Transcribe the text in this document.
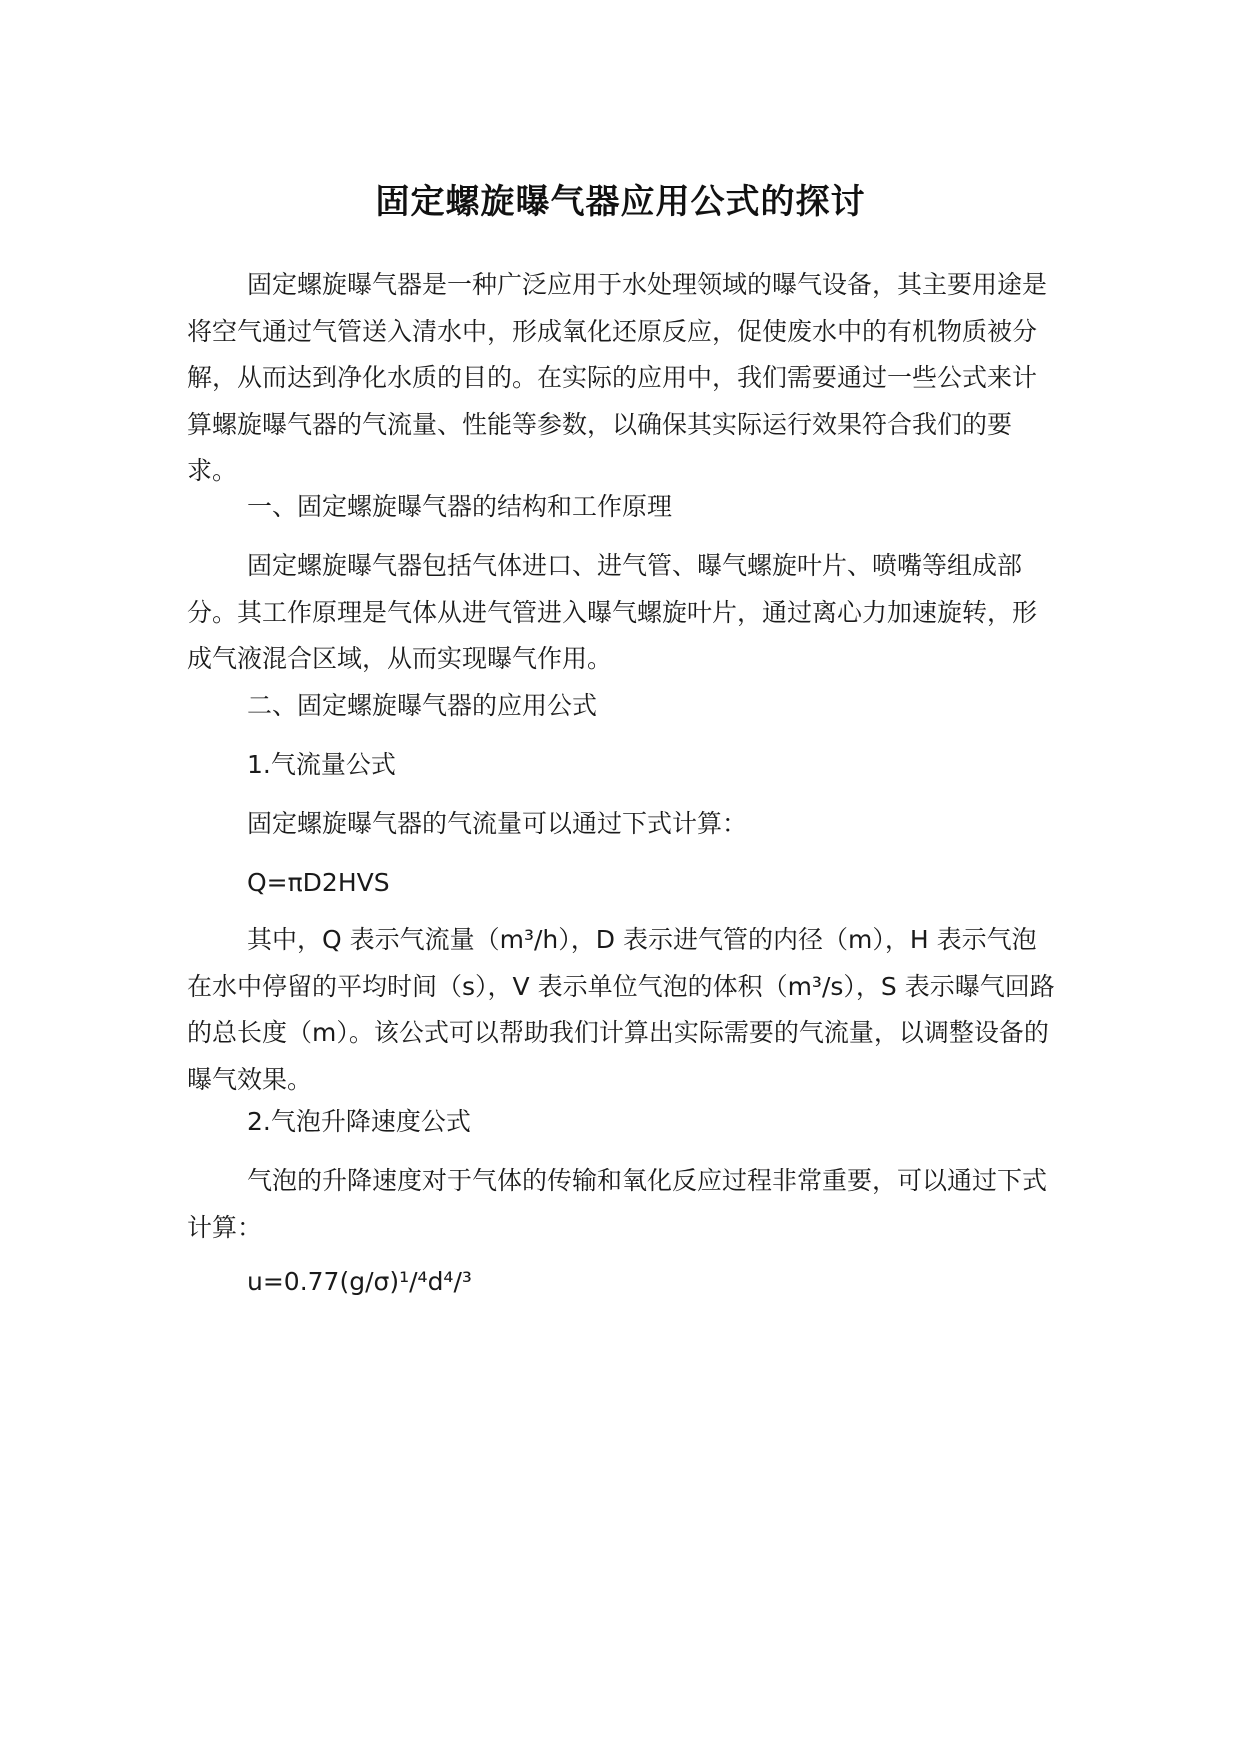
固定螺旋曝气器应用公式的探讨

固定螺旋曝气器是一种广泛应用于水处理领域的曝气设备，其主要用途是将空气通过气管送入清水中，形成氧化还原反应，促使废水中的有机物质被分解，从而达到净化水质的目的。在实际的应用中，我们需要通过一些公式来计算螺旋曝气器的气流量、性能等参数，以确保其实际运行效果符合我们的要求。

一、固定螺旋曝气器的结构和工作原理

固定螺旋曝气器包括气体进口、进气管、曝气螺旋叶片、喷嘴等组成部分。其工作原理是气体从进气管进入曝气螺旋叶片，通过离心力加速旋转，形成气液混合区域，从而实现曝气作用。

二、固定螺旋曝气器的应用公式

1.气流量公式

固定螺旋曝气器的气流量可以通过下式计算：

Q=πD2HVS

其中，Q 表示气流量（m³/h），D 表示进气管的内径（m），H 表示气泡在水中停留的平均时间（s），V 表示单位气泡的体积（m³/s），S 表示曝气回路的总长度（m）。该公式可以帮助我们计算出实际需要的气流量，以调整设备的曝气效果。

2.气泡升降速度公式

气泡的升降速度对于气体的传输和氧化反应过程非常重要，可以通过下式计算：

u=0.77(g/σ)¹/⁴d⁴/³
